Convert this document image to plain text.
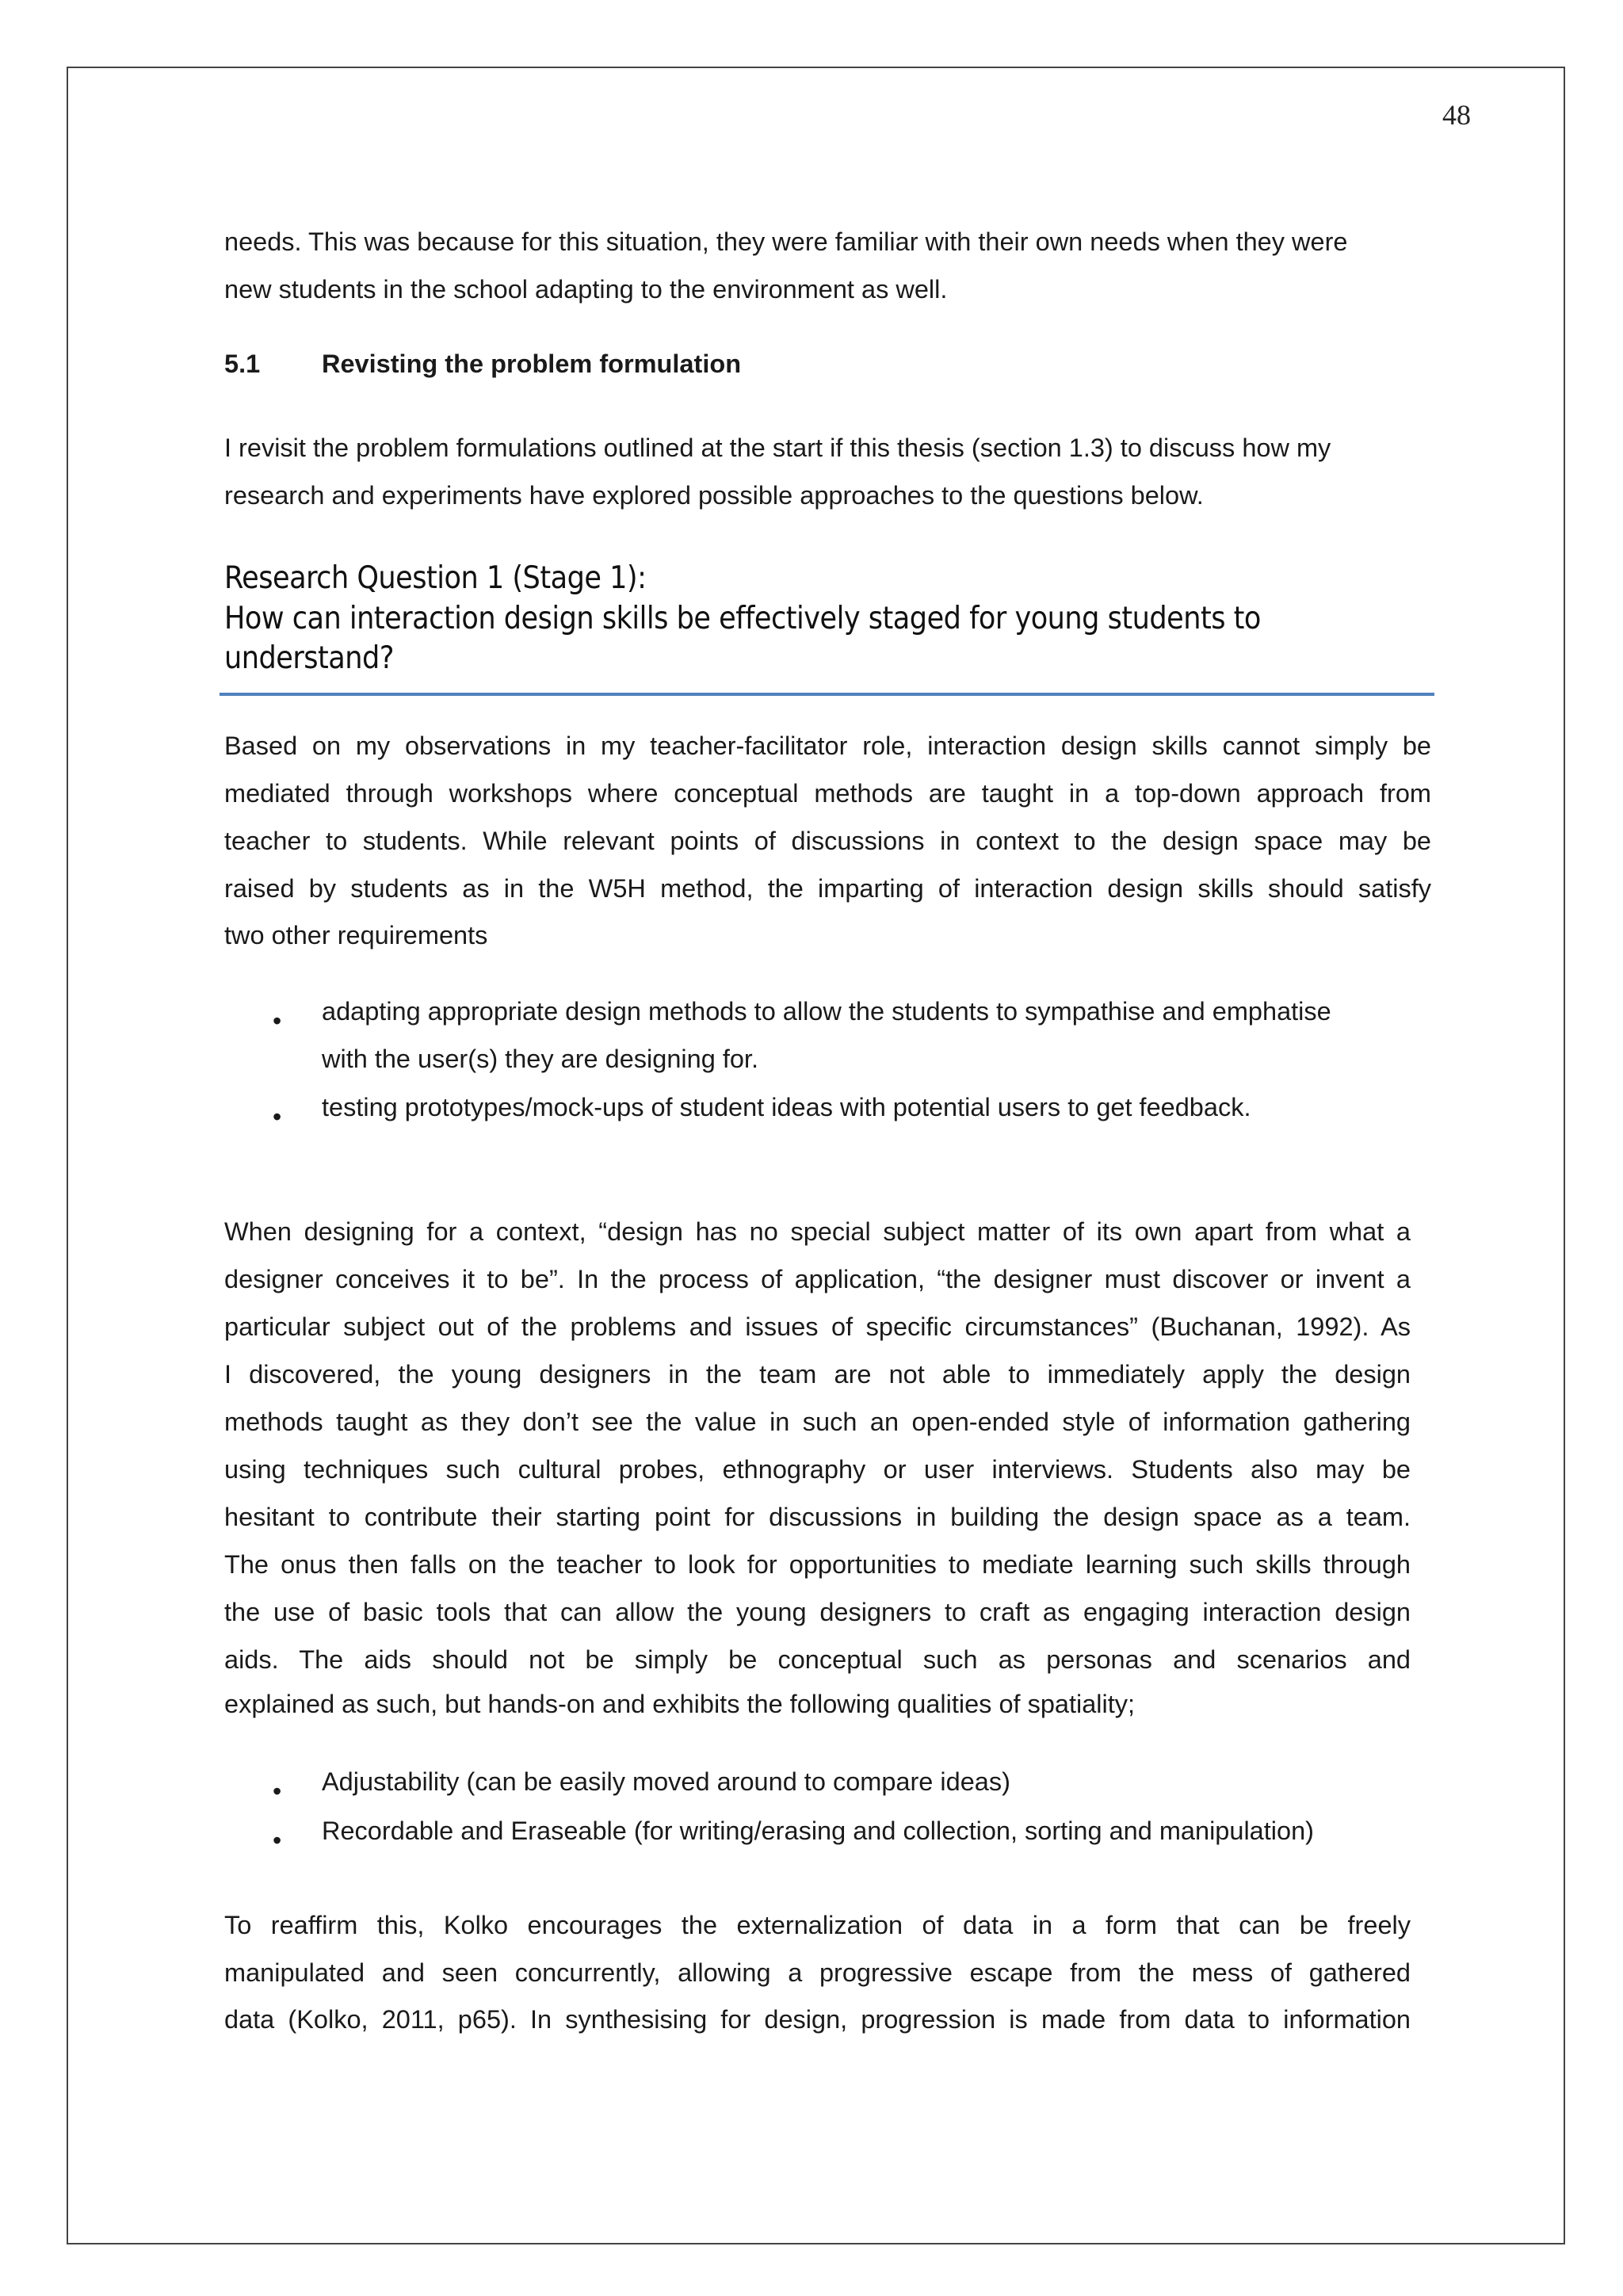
48
needs. This was because for this situation, they were familiar with their own needs when they were
new students in the school adapting to the environment as well.
5.1 Revisting the problem formulation
I revisit the problem formulations outlined at the start if this thesis (section 1.3) to discuss how my
research and experiments have explored possible approaches to the questions below.
Research Question 1 (Stage 1):
How can interaction design skills be effectively staged for young students to
understand?
Based on my observations in my teacher-facilitator role, interaction design skills cannot simply be
mediated through workshops where conceptual methods are taught in a top-down approach from
teacher to students. While relevant points of discussions in context to the design space may be
raised by students as in the W5H method, the imparting of interaction design skills should satisfy
two other requirements
• adapting appropriate design methods to allow the students to sympathise and emphatise
with the user(s) they are designing for.
• testing prototypes/mock-ups of student ideas with potential users to get feedback.
When designing for a context, “design has no special subject matter of its own apart from what a
designer conceives it to be”. In the process of application, “the designer must discover or invent a
particular subject out of the problems and issues of specific circumstances” (Buchanan, 1992). As
I discovered, the young designers in the team are not able to immediately apply the design
methods taught as they don’t see the value in such an open-ended style of information gathering
using techniques such cultural probes, ethnography or user interviews. Students also may be
hesitant to contribute their starting point for discussions in building the design space as a team.
The onus then falls on the teacher to look for opportunities to mediate learning such skills through
the use of basic tools that can allow the young designers to craft as engaging interaction design
aids. The aids should not be simply be conceptual such as personas and scenarios and
explained as such, but hands-on and exhibits the following qualities of spatiality;
• Adjustability (can be easily moved around to compare ideas)
• Recordable and Eraseable (for writing/erasing and collection, sorting and manipulation)
To reaffirm this, Kolko encourages the externalization of data in a form that can be freely
manipulated and seen concurrently, allowing a progressive escape from the mess of gathered
data (Kolko, 2011, p65). In synthesising for design, progression is made from data to information
